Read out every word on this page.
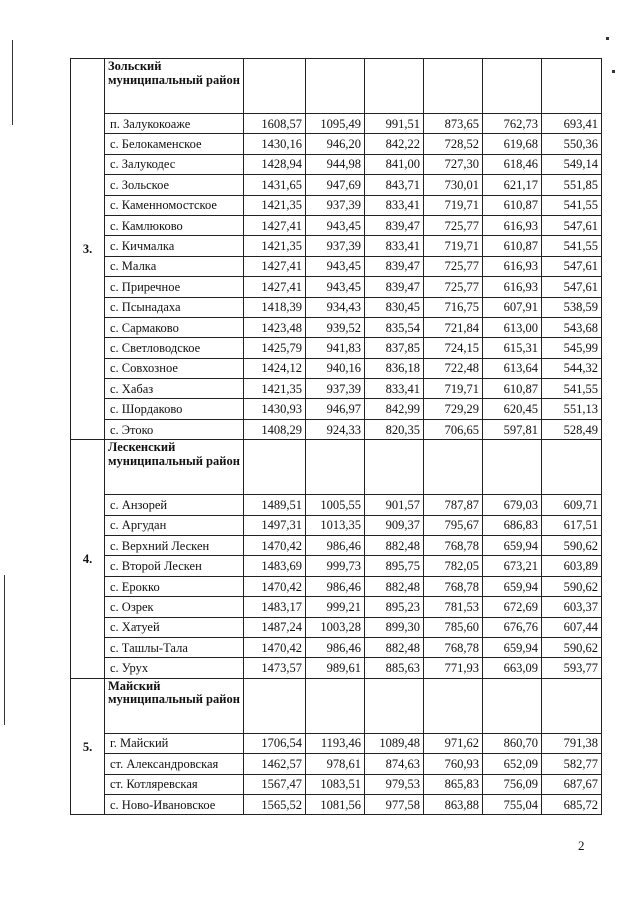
3.	Зольский муниципальный район						
	п. Залукокоаже	1608,57	1095,49	991,51	873,65	762,73	693,41
	с. Белокаменское	1430,16	946,20	842,22	728,52	619,68	550,36
	с. Залукодес	1428,94	944,98	841,00	727,30	618,46	549,14
	с. Зольское	1431,65	947,69	843,71	730,01	621,17	551,85
	с. Каменномостское	1421,35	937,39	833,41	719,71	610,87	541,55
	с. Камлюково	1427,41	943,45	839,47	725,77	616,93	547,61
	с. Кичмалка	1421,35	937,39	833,41	719,71	610,87	541,55
	с. Малка	1427,41	943,45	839,47	725,77	616,93	547,61
	с. Приречное	1427,41	943,45	839,47	725,77	616,93	547,61
	с. Псынадаха	1418,39	934,43	830,45	716,75	607,91	538,59
	с. Сармаково	1423,48	939,52	835,54	721,84	613,00	543,68
	с. Светловодское	1425,79	941,83	837,85	724,15	615,31	545,99
	с. Совхозное	1424,12	940,16	836,18	722,48	613,64	544,32
	с. Хабаз	1421,35	937,39	833,41	719,71	610,87	541,55
	с. Шордаково	1430,93	946,97	842,99	729,29	620,45	551,13
	с. Этоко	1408,29	924,33	820,35	706,65	597,81	528,49
4.	Лескенский муниципальный район						
	с. Анзорей	1489,51	1005,55	901,57	787,87	679,03	609,71
	с. Аргудан	1497,31	1013,35	909,37	795,67	686,83	617,51
	с. Верхний Лескен	1470,42	986,46	882,48	768,78	659,94	590,62
	с. Второй Лескен	1483,69	999,73	895,75	782,05	673,21	603,89
	с. Ерокко	1470,42	986,46	882,48	768,78	659,94	590,62
	с. Озрек	1483,17	999,21	895,23	781,53	672,69	603,37
	с. Хатуей	1487,24	1003,28	899,30	785,60	676,76	607,44
	с. Ташлы-Тала	1470,42	986,46	882,48	768,78	659,94	590,62
	с. Урух	1473,57	989,61	885,63	771,93	663,09	593,77
5.	Майский муниципальный район						
	г. Майский	1706,54	1193,46	1089,48	971,62	860,70	791,38
	ст. Александровская	1462,57	978,61	874,63	760,93	652,09	582,77
	ст. Котляревская	1567,47	1083,51	979,53	865,83	756,09	687,67
	с. Ново-Ивановское	1565,52	1081,56	977,58	863,88	755,04	685,72
2
